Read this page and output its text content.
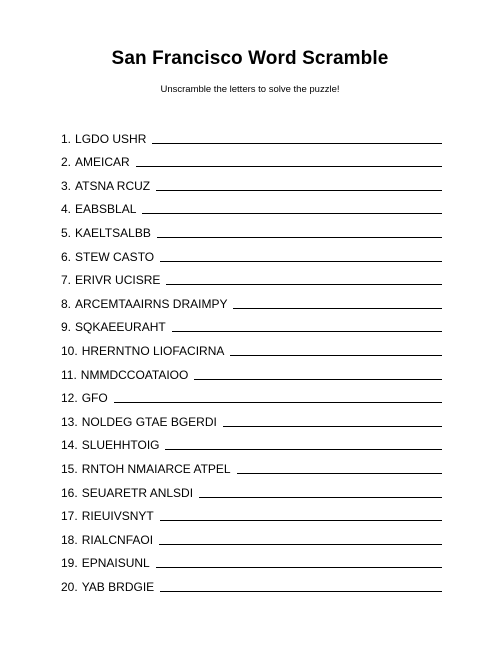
San Francisco Word Scramble
Unscramble the letters to solve the puzzle!
1. LGDO USHR
2. AMEICAR
3. ATSNA RCUZ
4. EABSBLAL
5. KAELTSALBB
6. STEW CASTO
7. ERIVR UCISRE
8. ARCEMTAAIRNS DRAIMPY
9. SQKAEEURAHT
10. HRERNTNO LIOFACIRNA
11. NMMDCCOATAIOO
12. GFO
13. NOLDEG GTAE BGERDI
14. SLUEHHTOIG
15. RNTOH NMAIARCE ATPEL
16. SEUARETR ANLSDI
17. RIEUIVSNYT
18. RIALCNFAOI
19. EPNAISUNL
20. YAB BRDGIE
